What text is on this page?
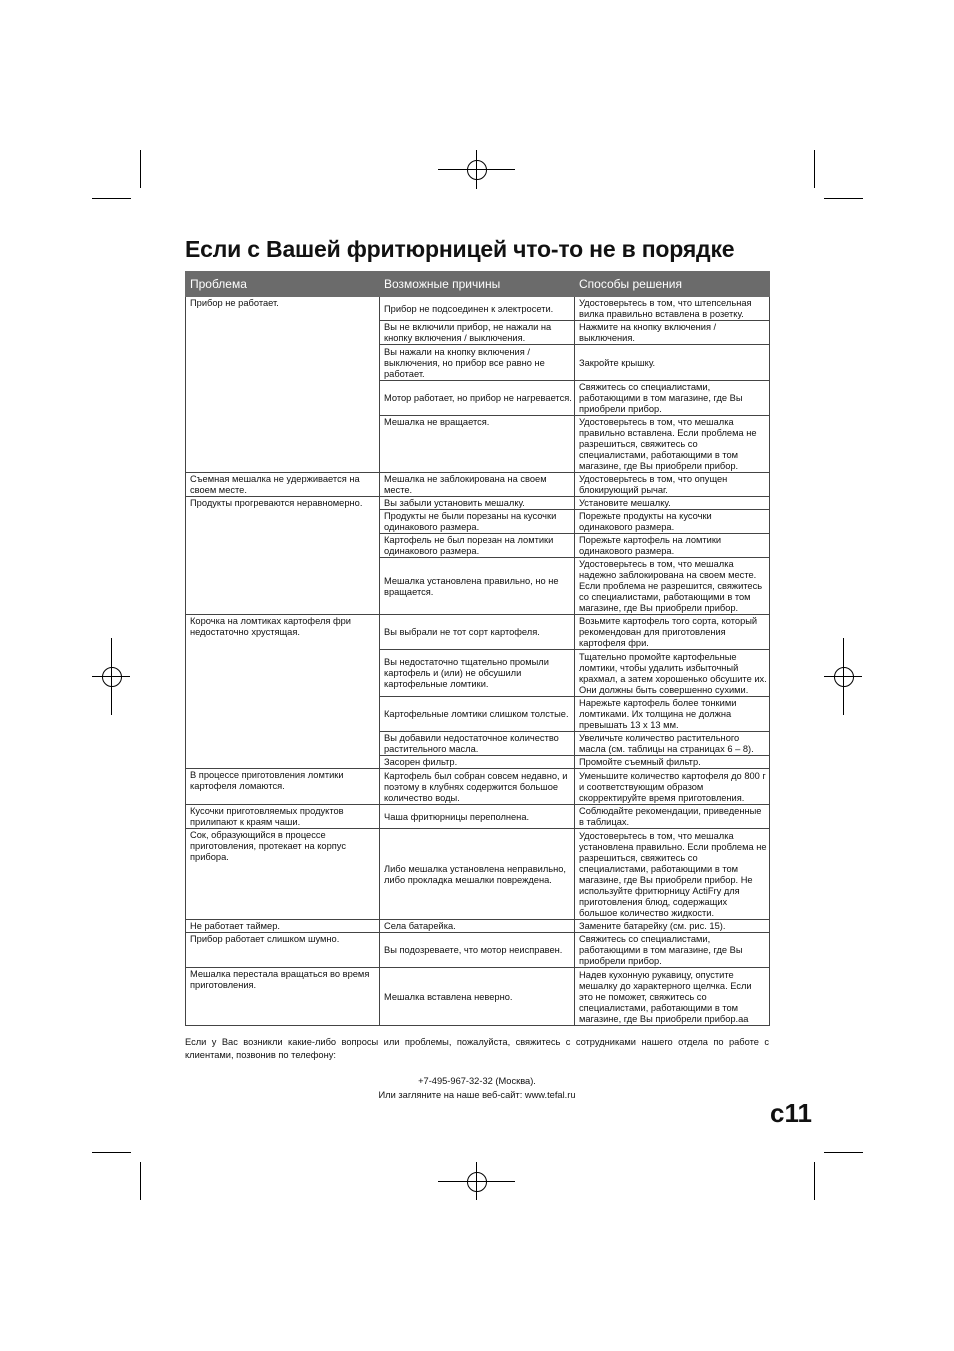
Если с Вашей фритюрницей что-то не в порядке
Проблема	Возможные причины	Способы решения
Прибор не работает.	Прибор не подсоединен к электросети.	Удостоверьтесь в том, что штепсельная вилка правильно вставлена в розетку.
	Вы не включили прибор, не нажали на кнопку включения / выключения.	Нажмите на кнопку включения / выключения.
	Вы нажали на кнопку включения / выключения, но прибор все равно не работает.	Закройте крышку.
	Мотор работает, но прибор не нагревается.	Свяжитесь со специалистами, работающими в том магазине, где Вы приобрели прибор.
	Мешалка не вращается.	Удостоверьтесь в том, что мешалка правильно вставлена. Если проблема не разрешиться, свяжитесь со специалистами, работающими в том магазине, где Вы приобрели прибор.
Съемная мешалка не удерживается на своем месте.	Мешалка не заблокирована на своем месте.	Удостоверьтесь в том, что опущен блокирующий рычаг.
Продукты прогреваются неравномерно.	Вы забыли установить мешалку.	Установите мешалку.
	Продукты не были порезаны на кусочки одинакового размера.	Порежьте продукты на кусочки одинакового размера.
	Картофель не был порезан на ломтики одинакового размера.	Порежьте картофель на ломтики одинакового размера.
	Мешалка установлена правильно, но не вращается.	Удостоверьтесь в том, что мешалка надежно заблокирована на своем месте. Если проблема не разрешится, свяжитесь со специалистами, работающими в том магазине, где Вы приобрели прибор.
Корочка на ломтиках картофеля фри недостаточно хрустящая.	Вы выбрали не тот сорт картофеля.	Возьмите картофель того сорта, который рекомендован для приготовления картофеля фри.
	Вы недостаточно тщательно промыли картофель и (или) не обсушили картофельные ломтики.	Тщательно промойте картофельные ломтики, чтобы удалить избыточный крахмал, а затем хорошенько обсушите их. Они должны быть совершенно сухими.
	Картофельные ломтики слишком толстые.	Нарежьте картофель более тонкими ломтиками. Их толщина не должна превышать 13 x 13 мм.
	Вы добавили недостаточное количество растительного масла.	Увеличьте количество растительного масла (см. таблицы на страницах 6 – 8).
	Засорен фильтр.	Промойте съемный фильтр.
В процессе приготовления ломтики картофеля ломаются.	Картофель был собран совсем недавно, и поэтому в клубнях содержится большое количество воды.	Уменьшите количество картофеля до 800 г и соответствующим образом скорректируйте время приготовления.
Кусочки приготовляемых продуктов прилипают к краям чаши.	Чаша фритюрницы переполнена.	Соблюдайте рекомендации, приведенные в таблицах.
Сок, образующийся в процессе приготовления, протекает на корпус прибора.	Либо мешалка установлена неправильно, либо прокладка мешалки повреждена.	Удостоверьтесь в том, что мешалка установлена правильно. Если проблема не разрешиться, свяжитесь со специалистами, работающими в том магазине, где Вы приобрели прибор. Не используйте фритюрницу ActiFry для приготовления блюд, содержащих большое количество жидкости.
Не работает таймер.	Села батарейка.	Замените батарейку (см. рис. 15).
Прибор работает слишком шумно.	Вы подозреваете, что мотор неисправен.	Свяжитесь со специалистами, работающими в том магазине, где Вы приобрели прибор.
Мешалка перестала вращаться во время приготовления.	Мешалка вставлена неверно.	Надев кухонную рукавицу, опустите мешалку до характерного щелчка. Если это не поможет, свяжитесь со специалистами, работающими в том магазине, где Вы приобрели прибор.аа
Если у Вас возникли какие-либо вопросы или проблемы, пожалуйста, свяжитесь с сотрудниками нашего отдела по работе с клиентами, позвонив по телефону:
+7-495-967-32-32 (Москва).
Или загляните на наше веб-сайт: www.tefal.ru
c11
